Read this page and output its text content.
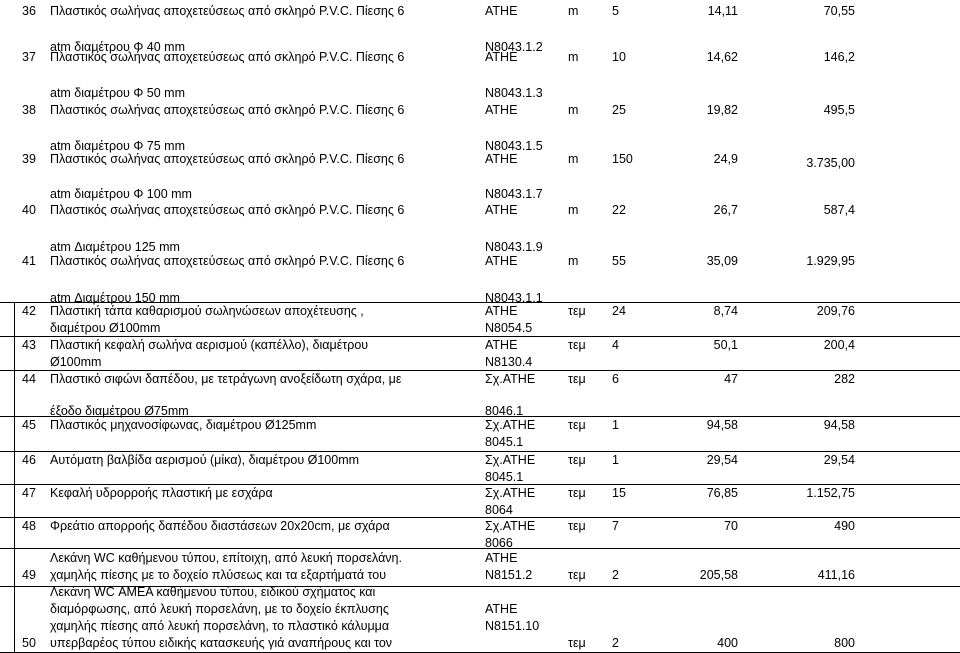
36 Πλαστικός σωλήνας αποχετεύσεως από σκληρό P.V.C. Πίεσης 6
atm διαμέτρου Φ 40 mm
ΑΤΗΕ
Ν8043.1.2
m	5	14,11	70,55
37 Πλαστικός σωλήνας αποχετεύσεως από σκληρό P.V.C. Πίεσης 6
atm διαμέτρου Φ 50 mm
ΑΤΗΕ
Ν8043.1.3
m	10	14,62	146,2
38 Πλαστικός σωλήνας αποχετεύσεως από σκληρό P.V.C. Πίεσης 6
atm διαμέτρου Φ 75 mm
ΑΤΗΕ
Ν8043.1.5
m	25	19,82	495,5
39 Πλαστικός σωλήνας αποχετεύσεως από σκληρό P.V.C. Πίεσης 6
atm διαμέτρου Φ 100 mm
ΑΤΗΕ
Ν8043.1.7
m	150	24,9	3.735,00
40 Πλαστικός σωλήνας αποχετεύσεως από σκληρό P.V.C. Πίεσης 6
atm Διαμέτρου 125 mm
ΑΤΗΕ
Ν8043.1.9
m	22	26,7	587,4
41 Πλαστικός σωλήνας αποχετεύσεως από σκληρό P.V.C. Πίεσης 6
atm Διαμέτρου 150 mm
ΑΤΗΕ
Ν8043.1.1
m	55	35,09	1.929,95
42 Πλαστική τάπα καθαρισμού σωληνώσεων αποχέτευσης ,
διαμέτρου Ø100mm
ΑΤΗΕ
Ν8054.5
τεμ 24	8,74	209,76
43 Πλαστική κεφαλή σωλήνα αερισμού (καπέλλο), διαμέτρου
Ø100mm
ΑΤΗΕ
Ν8130.4
τεμ 4	50,1	200,4
44 Πλαστικό σιφώνι δαπέδου, με τετράγωνη ανοξείδωτη σχάρα, με
έξοδο διαμέτρου Ø75mm
Σχ.ΑΤΗΕ
8046.1
τεμ 6	47	282
45 Πλαστικός μηχανοσίφωνας, διαμέτρου Ø125mm	Σχ.ΑΤΗΕ
8045.1
τεμ 1	94,58	94,58
46 Αυτόματη βαλβίδα αερισμού (μίκα), διαμέτρου Ø100mm	Σχ.ΑΤΗΕ
8045.1
τεμ 1	29,54	29,54
47 Κεφαλή υδρορροής πλαστική με εσχάρα	Σχ.ΑΤΗΕ
8064
τεμ 15	76,85	1.152,75
48 Φρεάτιο απορροής δαπέδου διαστάσεων 20x20cm, με σχάρα	Σχ.ΑΤΗΕ
8066
τεμ 7	70	490
49
Λεκάνη WC καθήμενου τύπου, επίτοιχη, από λευκή πορσελάνη.
χαμηλής πίεσης με το δοχείο πλύσεως και τα εξαρτήματά του
ΑΤΗΕ
Ν8151.2	τεμ 2	205,58	411,16
50
Λεκάνη WC ΑΜΕΑ καθήμενου τύπου, ειδικού σχήματος και
διαμόρφωσης, από λευκή πορσελάνη, με το δοχείο έκπλυσης
χαμηλής πίεσης από λευκή πορσελάνη, το πλαστικό κάλυμμα
υπερβαρέος τύπου ειδικής κατασκευής γιά αναπήρους και τον
ΑΤΗΕ
Ν8151.10
τεμ 2	400	800
